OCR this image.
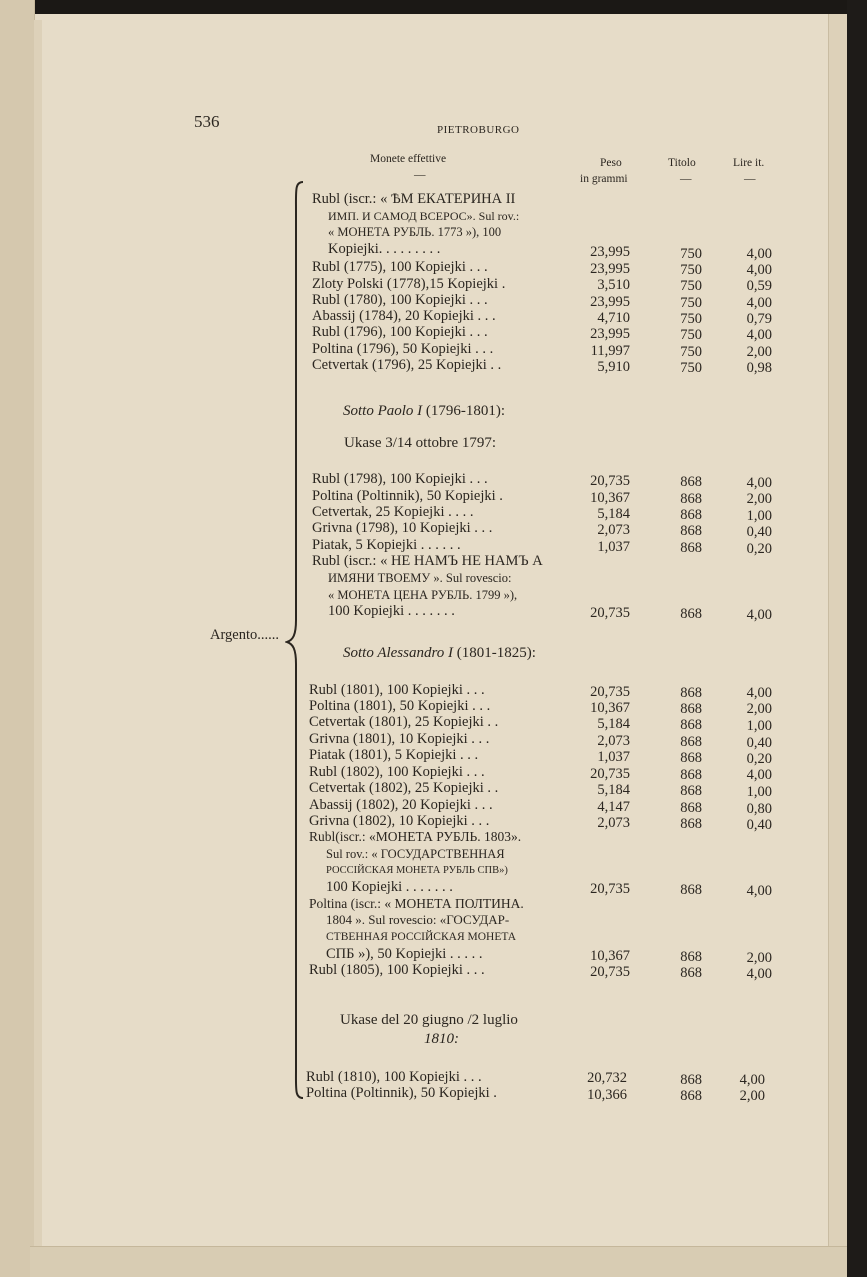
536	PIETROBURGO
Monete effettive
—
Peso
in grammi
Titolo
—
Lire it.
—
Argento......
Rubl (iscr.: « ѢМ ЕКАТЕРИНА II
ИМП. И САМОД ВСЕРОС». Sul rov.:
« МОНЕТА РУБЛЬ. 1773 »), 100
Kopiejki. . . . . . . . .	23,995	750	4,00
Rubl (1775), 100 Kopiejki . . .	23,995	750	4,00
Zloty Polski (1778),15 Kopiejki .	3,510	750	0,59
Rubl (1780), 100 Kopiejki . . .	23,995	750	4,00
Abassij (1784), 20 Kopiejki . . .	4,710	750	0,79
Rubl (1796), 100 Kopiejki . . .	23,995	750	4,00
Poltina (1796), 50 Kopiejki . . .	11,997	750	2,00
Cetvertak (1796), 25 Kopiejki . .	5,910	750	0,98
Sotto Paolo I (1796-1801):
Ukase 3/14 ottobre 1797:
Rubl (1798), 100 Kopiejki . . .	20,735	868	4,00
Poltina (Poltinnik), 50 Kopiejki .	10,367	868	2,00
Cetvertak, 25 Kopiejki . . . .	5,184	868	1,00
Grivna (1798), 10 Kopiejki . . .	2,073	868	0,40
Piatak, 5 Kopiejki . . . . . .	1,037	868	0,20
Rubl (iscr.: « НЕ НАМЪ НЕ НАМЪ А
ИМЯНИ ТВОЕМУ ». Sul rovescio:
« МОНЕТА ЦЕНА РУБЛЬ. 1799 »),
100 Kopiejki . . . . . . .	20,735	868	4,00
Sotto Alessandro I (1801-1825):
Rubl (1801), 100 Kopiejki . . .	20,735	868	4,00
Poltina (1801), 50 Kopiejki . . .	10,367	868	2,00
Cetvertak (1801), 25 Kopiejki . .	5,184	868	1,00
Grivna (1801), 10 Kopiejki . . .	2,073	868	0,40
Piatak (1801), 5 Kopiejki . . .	1,037	868	0,20
Rubl (1802), 100 Kopiejki . . .	20,735	868	4,00
Cetvertak (1802), 25 Kopiejki . .	5,184	868	1,00
Abassij (1802), 20 Kopiejki . . .	4,147	868	0,80
Grivna (1802), 10 Kopiejki . . .	2,073	868	0,40
Rubl(iscr.: «МОНЕТА РУБЛЬ. 1803».
Sul rov.: « ГОСУДАРСТВЕННАЯ
РОССІЙСКАЯ МОНЕТА РУБЛЬ СПВ»)
100 Kopiejki . . . . . . .	20,735	868	4,00
Poltina (iscr.: « МОНЕТА ПОЛТИНА.
1804 ». Sul rovescio: «ГОСУДАР-
СТВЕННАЯ РОССІЙСКАЯ МОНЕТА
СПБ »), 50 Kopiejki . . . . .	10,367	868	2,00
Rubl (1805), 100 Kopiejki . . .	20,735	868	4,00
Ukase del 20 giugno /2 luglio
1810:
Rubl (1810), 100 Kopiejki . . .	20,732	868	4,00
Poltina (Poltinnik), 50 Kopiejki .	10,366	868	2,00
